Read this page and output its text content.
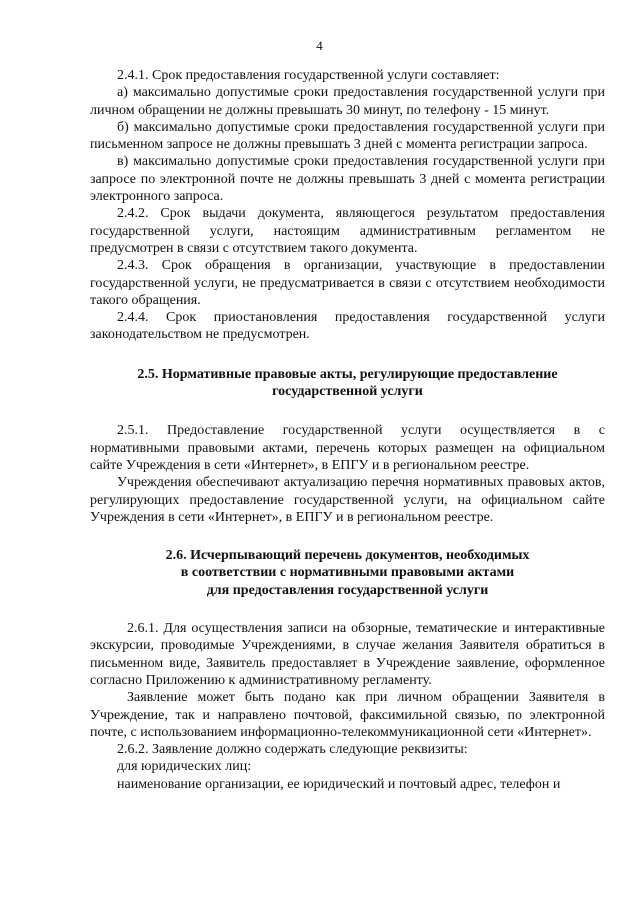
4

2.4.1. Срок предоставления государственной услуги составляет:

а) максимально допустимые сроки предоставления государственной услуги при личном обращении не должны превышать 30 минут, по телефону - 15 минут.

б) максимально допустимые сроки предоставления государственной услуги при письменном запросе не должны превышать 3 дней с момента регистрации запроса.

в) максимально допустимые сроки предоставления государственной услуги при запросе по электронной почте не должны превышать 3 дней с момента регистрации электронного запроса.

2.4.2. Срок выдачи документа, являющегося результатом предоставления государственной услуги, настоящим административным регламентом не предусмотрен в связи с отсутствием такого документа.

2.4.3. Срок обращения в организации, участвующие в предоставлении государственной услуги, не предусматривается в связи с отсутствием необходимости такого обращения.

2.4.4. Срок приостановления предоставления государственной услуги законодательством не предусмотрен.

2.5. Нормативные правовые акты, регулирующие предоставление
государственной услуги

2.5.1. Предоставление государственной услуги осуществляется в с нормативными правовыми актами, перечень которых размещен на официальном сайте Учреждения в сети «Интернет», в ЕПГУ и в региональном реестре.

Учреждения обеспечивают актуализацию перечня нормативных правовых актов, регулирующих предоставление государственной услуги, на официальном сайте Учреждения в сети «Интернет», в ЕПГУ и в региональном реестре.

2.6. Исчерпывающий перечень документов, необходимых
в соответствии с нормативными правовыми актами
для предоставления государственной услуги

2.6.1. Для осуществления записи на обзорные, тематические и интерактивные экскурсии, проводимые Учреждениями, в случае желания Заявителя обратиться в письменном виде, Заявитель предоставляет в Учреждение заявление, оформленное согласно Приложению к административному регламенту.

Заявление может быть подано как при личном обращении Заявителя в Учреждение, так и направлено почтовой, факсимильной связью, по электронной почте, с использованием информационно-телекоммуникационной сети «Интернет».

2.6.2. Заявление должно содержать следующие реквизиты:

для юридических лиц:

наименование организации, ее юридический и почтовый адрес, телефон и
